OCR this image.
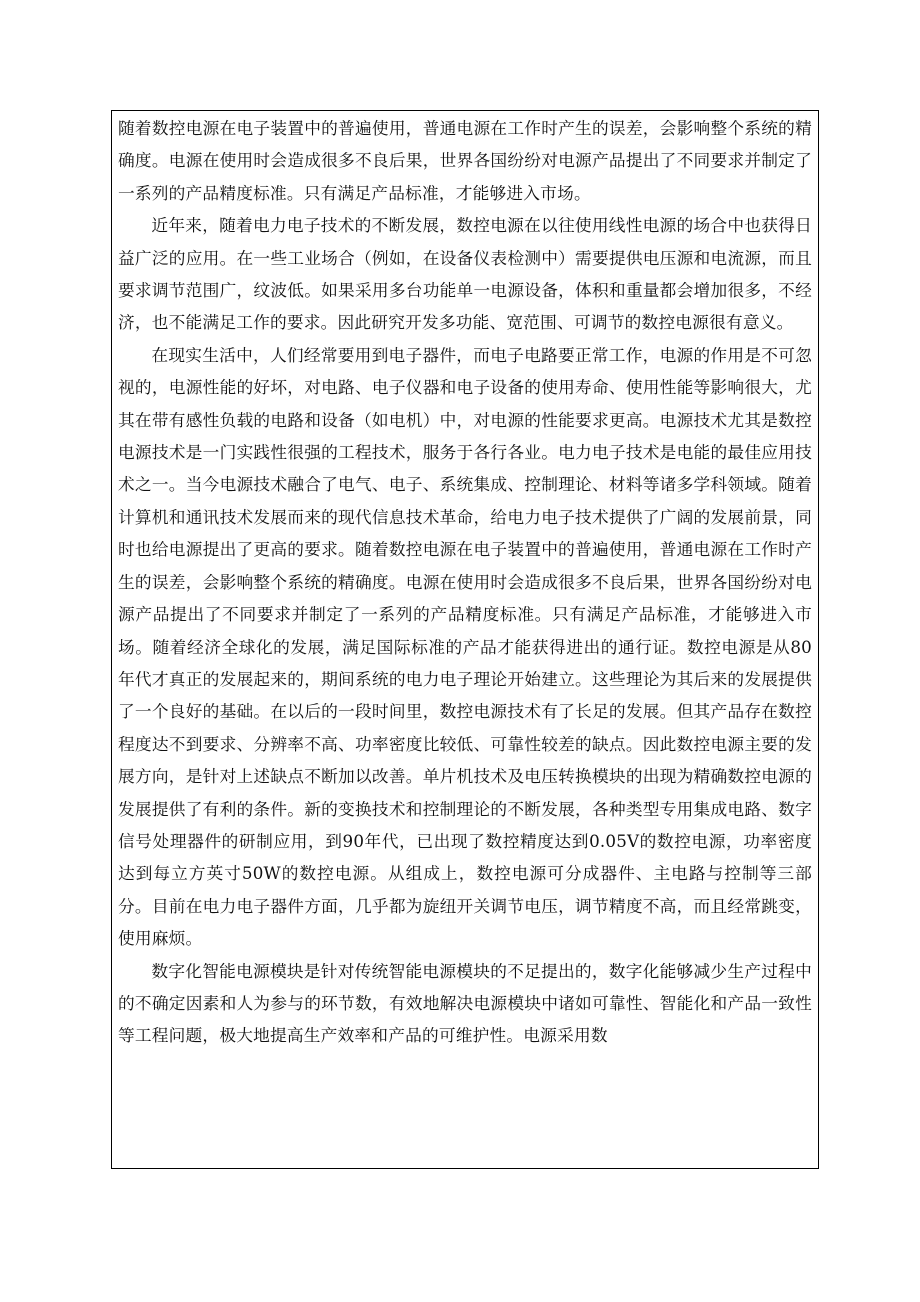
随着数控电源在电子装置中的普遍使用，普通电源在工作时产生的误差，会影响整个系统的精确度。电源在使用时会造成很多不良后果，世界各国纷纷对电源产品提出了不同要求并制定了一系列的产品精度标准。只有满足产品标准，才能够进入市场。

近年来，随着电力电子技术的不断发展，数控电源在以往使用线性电源的场合中也获得日益广泛的应用。在一些工业场合（例如，在设备仪表检测中）需要提供电压源和电流源，而且要求调节范围广，纹波低。如果采用多台功能单一电源设备，体积和重量都会增加很多，不经济，也不能满足工作的要求。因此研究开发多功能、宽范围、可调节的数控电源很有意义。

在现实生活中，人们经常要用到电子器件，而电子电路要正常工作，电源的作用是不可忽视的，电源性能的好坏，对电路、电子仪器和电子设备的使用寿命、使用性能等影响很大，尤其在带有感性负载的电路和设备（如电机）中，对电源的性能要求更高。电源技术尤其是数控电源技术是一门实践性很强的工程技术，服务于各行各业。电力电子技术是电能的最佳应用技术之一。当今电源技术融合了电气、电子、系统集成、控制理论、材料等诸多学科领域。随着计算机和通讯技术发展而来的现代信息技术革命，给电力电子技术提供了广阔的发展前景，同时也给电源提出了更高的要求。随着数控电源在电子装置中的普遍使用，普通电源在工作时产生的误差，会影响整个系统的精确度。电源在使用时会造成很多不良后果，世界各国纷纷对电源产品提出了不同要求并制定了一系列的产品精度标准。只有满足产品标准，才能够进入市场。随着经济全球化的发展，满足国际标准的产品才能获得进出的通行证。数控电源是从80年代才真正的发展起来的，期间系统的电力电子理论开始建立。这些理论为其后来的发展提供了一个良好的基础。在以后的一段时间里，数控电源技术有了长足的发展。但其产品存在数控程度达不到要求、分辨率不高、功率密度比较低、可靠性较差的缺点。因此数控电源主要的发展方向，是针对上述缺点不断加以改善。单片机技术及电压转换模块的出现为精确数控电源的发展提供了有利的条件。新的变换技术和控制理论的不断发展，各种类型专用集成电路、数字信号处理器件的研制应用，到90年代，已出现了数控精度达到0.05V的数控电源，功率密度达到每立方英寸50W的数控电源。从组成上，数控电源可分成器件、主电路与控制等三部分。目前在电力电子器件方面，几乎都为旋纽开关调节电压，调节精度不高，而且经常跳变，使用麻烦。

数字化智能电源模块是针对传统智能电源模块的不足提出的，数字化能够减少生产过程中的不确定因素和人为参与的环节数，有效地解决电源模块中诸如可靠性、智能化和产品一致性等工程问题，极大地提高生产效率和产品的可维护性。电源采用数
